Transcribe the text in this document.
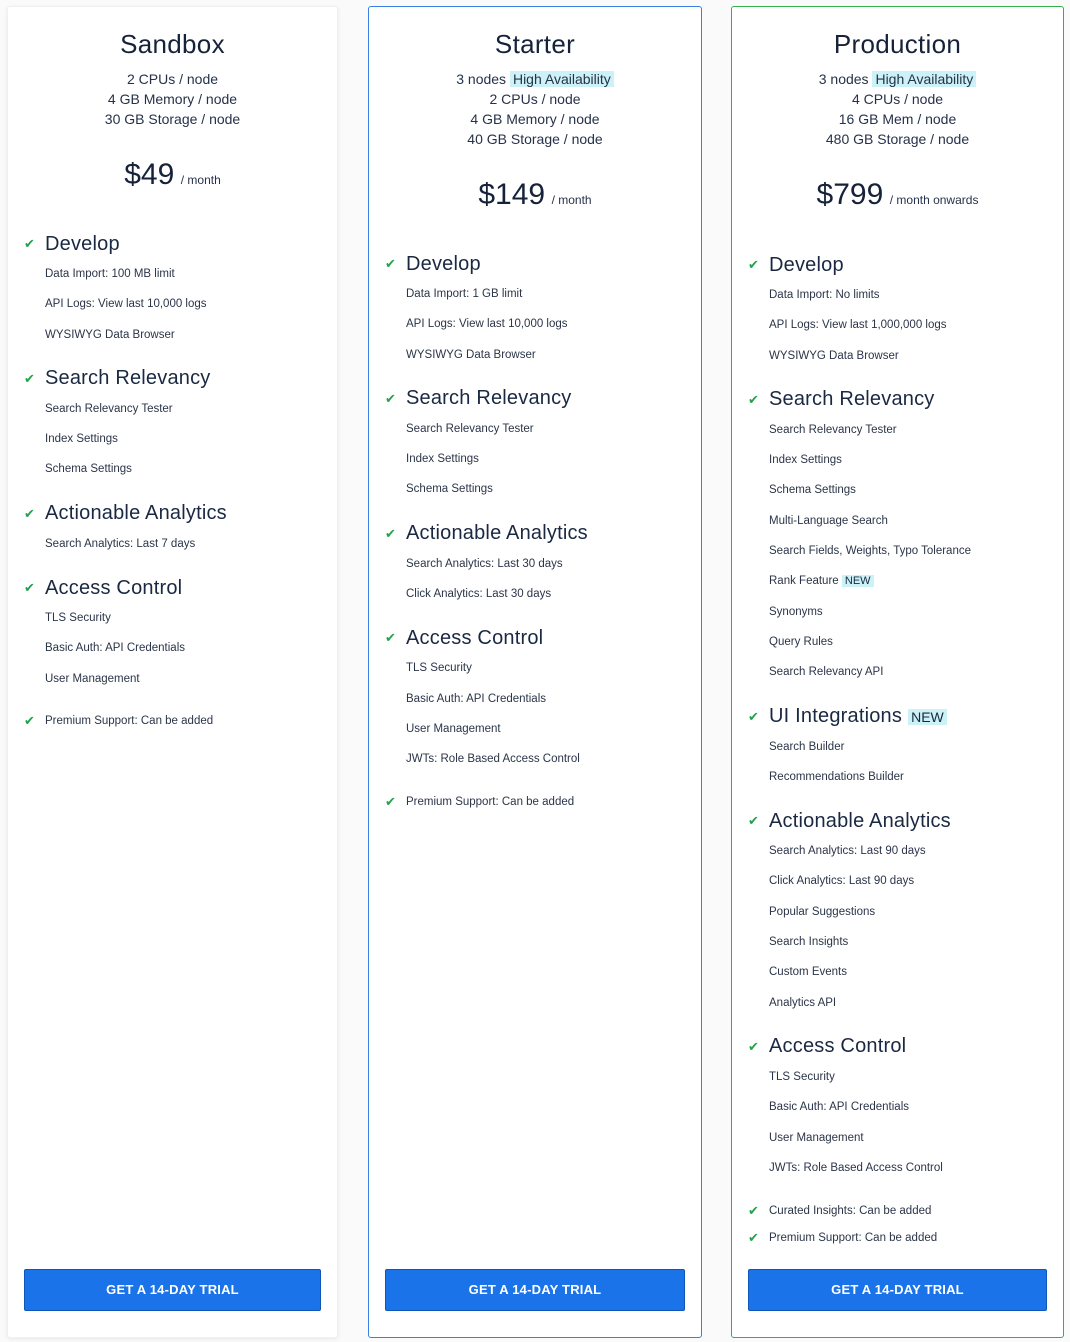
Sandbox
2 CPUs / node
4 GB Memory / node
30 GB Storage / node
$49 / month
✔ Develop
Data Import: 100 MB limit
API Logs: View last 10,000 logs
WYSIWYG Data Browser
✔ Search Relevancy
Search Relevancy Tester
Index Settings
Schema Settings
✔ Actionable Analytics
Search Analytics: Last 7 days
✔ Access Control
TLS Security
Basic Auth: API Credentials
User Management
✔ Premium Support: Can be added
GET A 14-DAY TRIAL
Starter
3 nodes High Availability
2 CPUs / node
4 GB Memory / node
40 GB Storage / node
$149 / month
✔ Develop
Data Import: 1 GB limit
API Logs: View last 10,000 logs
WYSIWYG Data Browser
✔ Search Relevancy
Search Relevancy Tester
Index Settings
Schema Settings
✔ Actionable Analytics
Search Analytics: Last 30 days
Click Analytics: Last 30 days
✔ Access Control
TLS Security
Basic Auth: API Credentials
User Management
JWTs: Role Based Access Control
✔ Premium Support: Can be added
GET A 14-DAY TRIAL
Production
3 nodes High Availability
4 CPUs / node
16 GB Mem / node
480 GB Storage / node
$799 / month onwards
✔ Develop
Data Import: No limits
API Logs: View last 1,000,000 logs
WYSIWYG Data Browser
✔ Search Relevancy
Search Relevancy Tester
Index Settings
Schema Settings
Multi-Language Search
Search Fields, Weights, Typo Tolerance
Rank Feature NEW
Synonyms
Query Rules
Search Relevancy API
✔ UI Integrations NEW
Search Builder
Recommendations Builder
✔ Actionable Analytics
Search Analytics: Last 90 days
Click Analytics: Last 90 days
Popular Suggestions
Search Insights
Custom Events
Analytics API
✔ Access Control
TLS Security
Basic Auth: API Credentials
User Management
JWTs: Role Based Access Control
✔ Curated Insights: Can be added
✔ Premium Support: Can be added
GET A 14-DAY TRIAL
